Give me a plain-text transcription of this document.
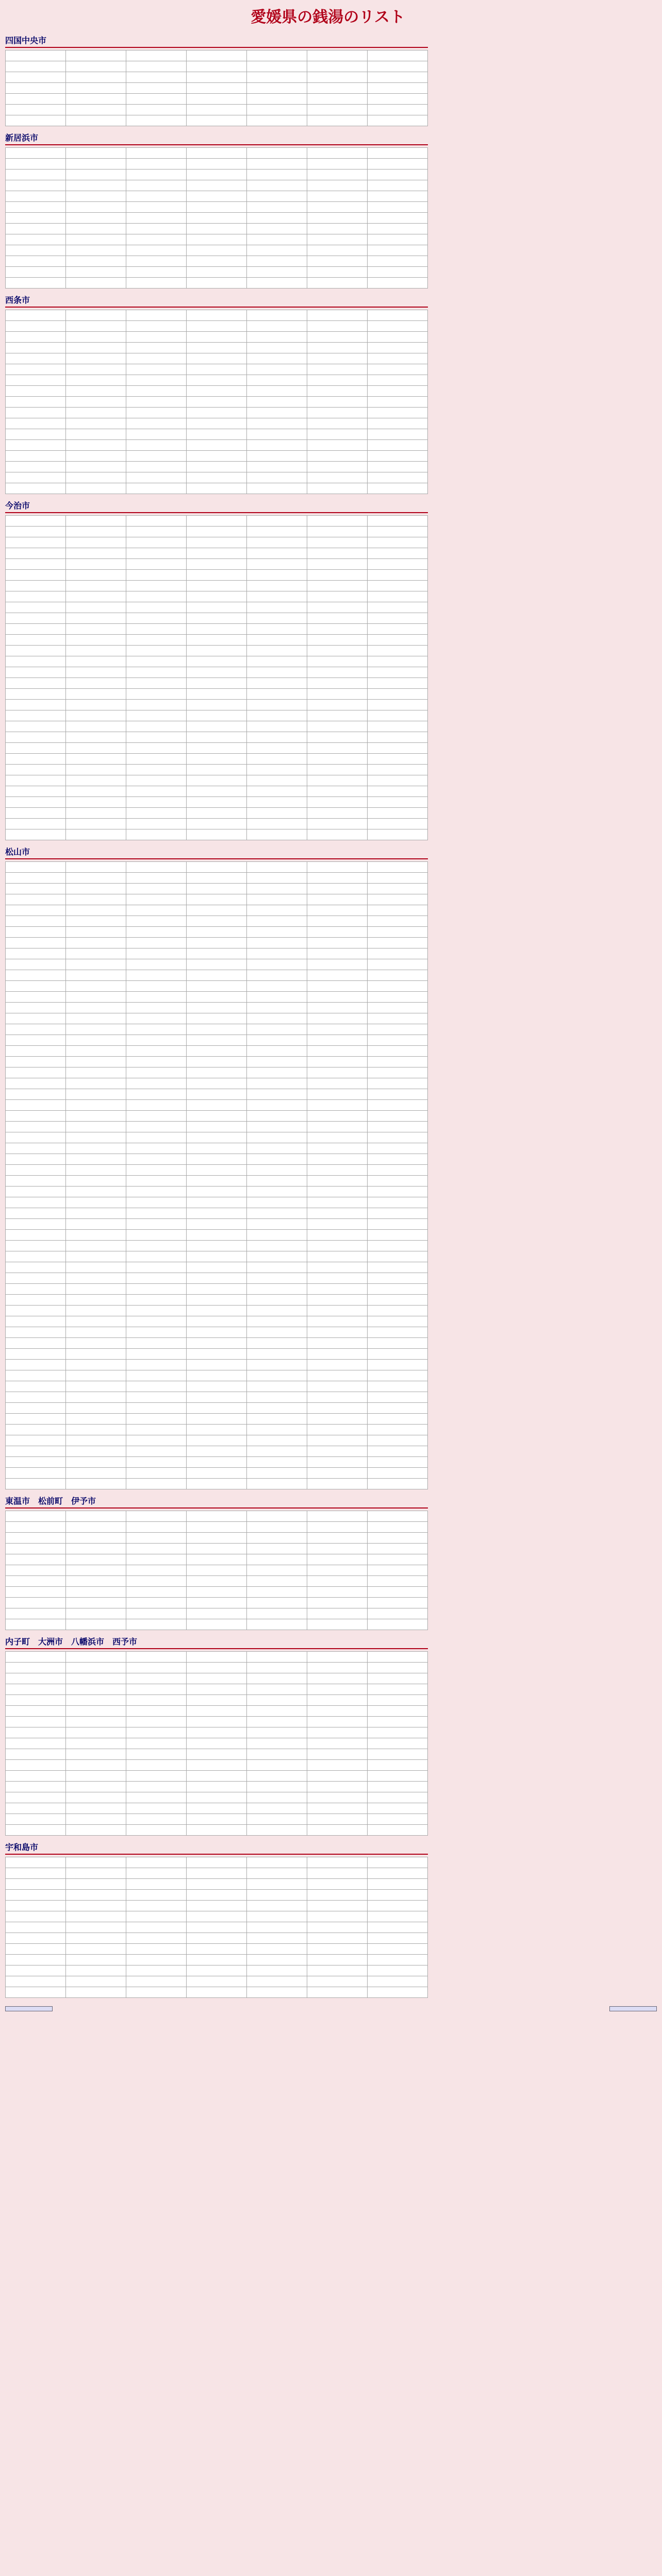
愛媛県の銭湯のリスト
四国中央市

新居浜市

西条市

今治市

松山市

東温市　松前町　伊予市

内子町　大洲市　八幡浜市　西予市

宇和島市
